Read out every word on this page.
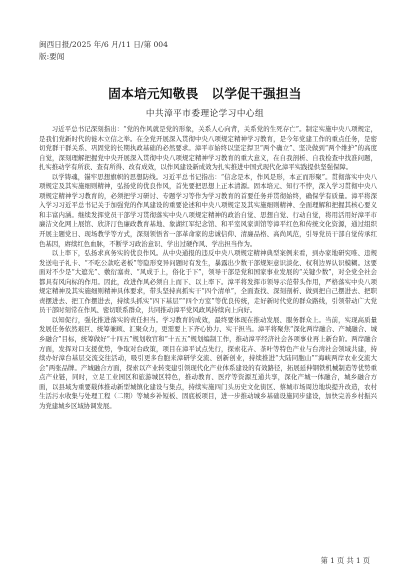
闽西日报/2025 年/6 月/11 日/第 004
版:要闻
固本培元知敬畏　以学促干强担当
中共漳平市委理论学习中心组

习近平总书记深刻指出：“党的作风就是党的形象，关系人心向背，关系党的生死存亡”。制定实施中央八项规定，是我们党新时代的徙木立信之举。在全党开展深入贯彻中央八项规定精神学习教育，是今年党建工作的重点任务，是密切党群干群关系、巩固党的长期执政基础的必然要求。漳平市始终以坚定捍卫“两个确立”、坚决做到“两个维护”的高度自觉，深刻理解把握党中央开展深入贯彻中央八项规定精神学习教育的重大意义，在自我剖析、自我检查中找准问题，扎实推动学有所获、查有所得、改有成效，以作风建设新成效为扎实推进中国式现代化漳平实践提供坚强保障。

以学铸魂，锚牢思想旗帜的思想防线。习近平总书记指出：“信念是本，作风是形，本正而形聚”。贯彻落实中央八项规定及其实施细则精神，弘扬党的优良作风，首先要把思想上正本清源。固本培元、知行不悖，深入学习贯彻中央八项规定精神学习教育的，必须把学习研讨、专题学习等作为学习教育的首要任务并贯彻始终，确保学有质量。漳平将深入学习习近平总书记关于加强党的作风建设的重要论述和中央八项规定及其实施细则精神、全面理解和把握其核心要义和丰富内涵。继续发挥党员干部学习贯彻落实中央八项规定精神的政治自觉、思想自觉、行动自觉，将用活用好漳平市廉洁文化网上展馆、欣济汀色廉政教育基地、象湖红军纪念馆、和平室风家训馆等漳平红色和传统文化资源，通过组织开展主题党日、现场教学等方式，深刻领悟省一部革命家的忠诚信仰、清廉品格、高尚风范，引导党员干部自觉传承红色基因，赓续红色血脉，不断学习政治意识、学出过硬作风、学出担当作为。

以上率下，弘扬求真务实的优良作风。从中央通报的违反中央八项规定精神典型案例来看，到办家地研究唯、违规发送电子礼卡、“不吃公款吃老板”等隐形变异问题时有发生，暴露出少数干部规矩意识淡化、权利边界认识模糊。这要面对不少是“大遮光”、敷衍塞责、“风成于上，俗化于下”，领导干部是党和国家事业发展的“关键少数”，对全党全社会都具有风向标的作用。因此，改进作风必须自上而下、以上率下。漳平将发挥市领导示范带头作用，严格落实中央八项规定精神及其实施细则精神具体要求，带头坚持真抓实干“四个清单”，全面查找、深刻剖析、做到把自己摆进去、把职责摆进去、把工作摆进去，持续头抓实“四下基层”“四个方室”等优良传统，走好新时代党的群众路线，引领带动广大党员干部时刻常在作风、密切联系群众，共同推动漳平党风政风持续向上向好。

以知促行，强化推进落实的责任担当。学习教育的成效，最终要体现在推动发展、服务群众上。当前，实现高质量发展任务依然艰巨、统筹兼顾、汇聚众力，更需要上下齐心协力、实干担当。漳平将聚焦“深化两岸融合、产城融合、城乡融合”目标，统筹做好“十四五”规划收官和“十五五”规划编制工作，推动漳平经济社会各项事业再上新台阶。两岸融合方面，发挥对口支援优势，争取对台政策，项目在漳平试点先行，探索花卉、茶叶等特色产业与台湾社会领域共建，持续办好漳台基层交流交往活动，吸引更多台胞来漳研学交流、创新创业，持续推进“大陆同胞山”“海峡两岸农业交流大会”两张品牌。产城融合方面，探索以产业转变建引领现代化产业体系建设的有效路径，拓展延伸钢铁机械制造等优势重点产业链，同时，立足工业园区和旅游城区特色，推动教育、医疗等资源互通共享，深化产城一体融合，城乡融合方面，以县域为重要载体推动新型城镇化建设与集点，持续实施四门头历史文化街区、蔡城市场周边地块提升改造，农村生活污水收集与处理工程（二期）等城乡补短板、固底板项目，进一步推动城乡基础设施同步建设，加快完善乡村振兴为党建城乡区域协调发展。

第 1 页 共 1 页
